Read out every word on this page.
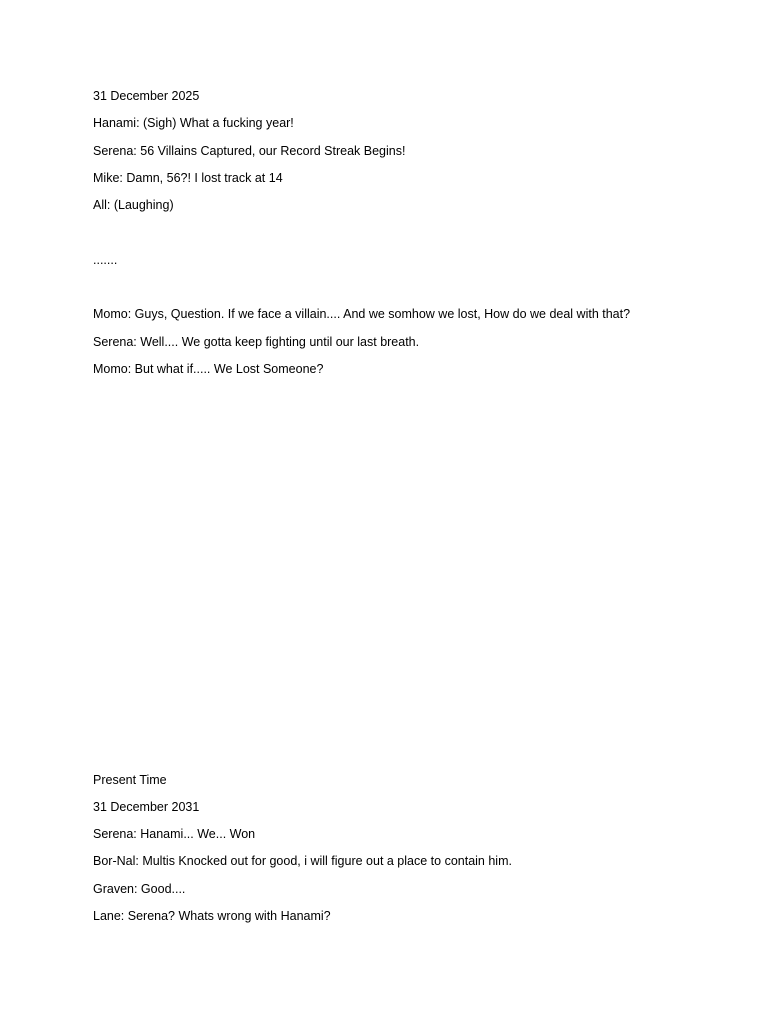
31 December 2025
Hanami: (Sigh) What a fucking year!
Serena: 56 Villains Captured, our Record Streak Begins!
Mike: Damn, 56?! I lost track at 14
All: (Laughing)
.......
Momo: Guys, Question. If we face a villain.... And we somhow we lost, How do we deal with that?
Serena: Well.... We gotta keep fighting until our last breath.
Momo: But what if..... We Lost Someone?
Present Time
31 December 2031
Serena: Hanami... We... Won
Bor-Nal: Multis Knocked out for good, i will figure out a place to contain him.
Graven: Good....
Lane: Serena? Whats wrong with Hanami?
